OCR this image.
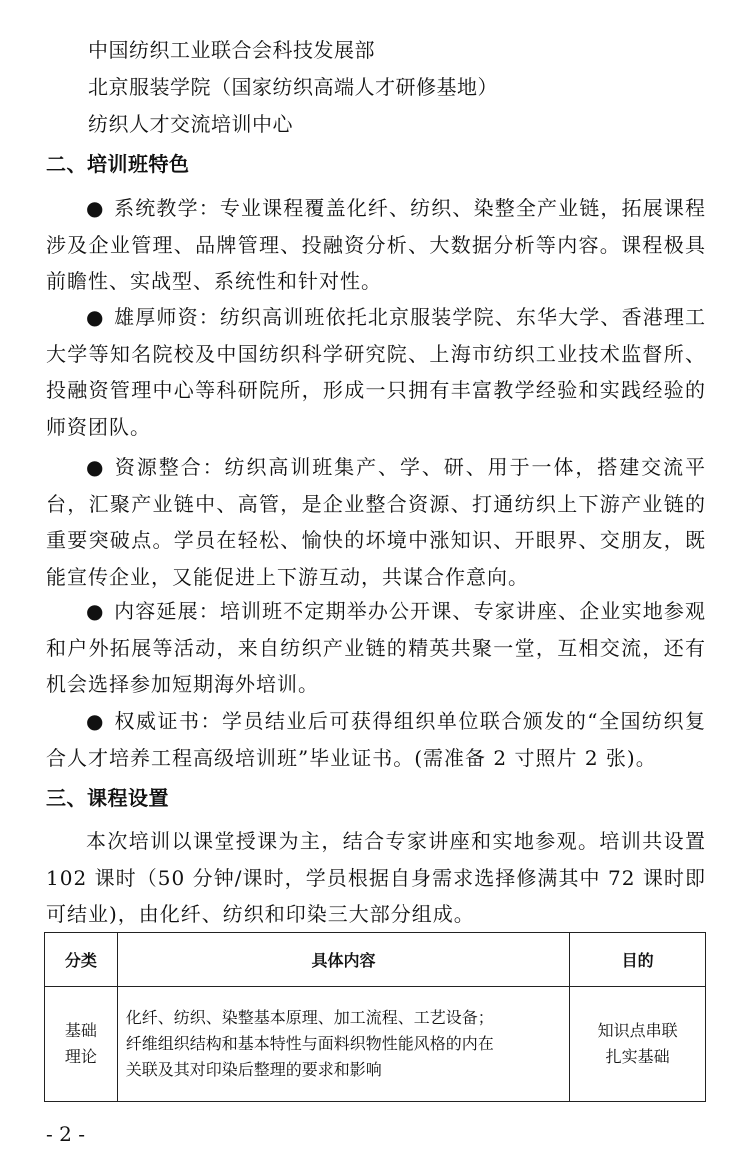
中国纺织工业联合会科技发展部
北京服装学院（国家纺织高端人才研修基地）
纺织人才交流培训中心
二、培训班特色
● 系统教学：专业课程覆盖化纤、纺织、染整全产业链，拓展课程涉及企业管理、品牌管理、投融资分析、大数据分析等内容。课程极具前瞻性、实战型、系统性和针对性。
● 雄厚师资：纺织高训班依托北京服装学院、东华大学、香港理工大学等知名院校及中国纺织科学研究院、上海市纺织工业技术监督所、投融资管理中心等科研院所，形成一只拥有丰富教学经验和实践经验的师资团队。
● 资源整合：纺织高训班集产、学、研、用于一体，搭建交流平台，汇聚产业链中、高管，是企业整合资源、打通纺织上下游产业链的重要突破点。学员在轻松、愉快的坏境中涨知识、开眼界、交朋友，既能宣传企业，又能促进上下游互动，共谋合作意向。
● 内容延展：培训班不定期举办公开课、专家讲座、企业实地参观和户外拓展等活动，来自纺织产业链的精英共聚一堂，互相交流，还有机会选择参加短期海外培训。
● 权威证书：学员结业后可获得组织单位联合颁发的“全国纺织复合人才培养工程高级培训班”毕业证书。(需准备 2 寸照片 2 张)。
三、课程设置
本次培训以课堂授课为主，结合专家讲座和实地参观。培训共设置 102 课时（50 分钟/课时，学员根据自身需求选择修满其中 72 课时即可结业)，由化纤、纺织和印染三大部分组成。
分类	具体内容	目的

基础
理论	化纤、纺织、染整基本原理、加工流程、工艺设备；
纤维组织结构和基本特性与面料织物性能风格的内在
关联及其对印染后整理的要求和影响	知识点串联
扎实基础
- 2 -
